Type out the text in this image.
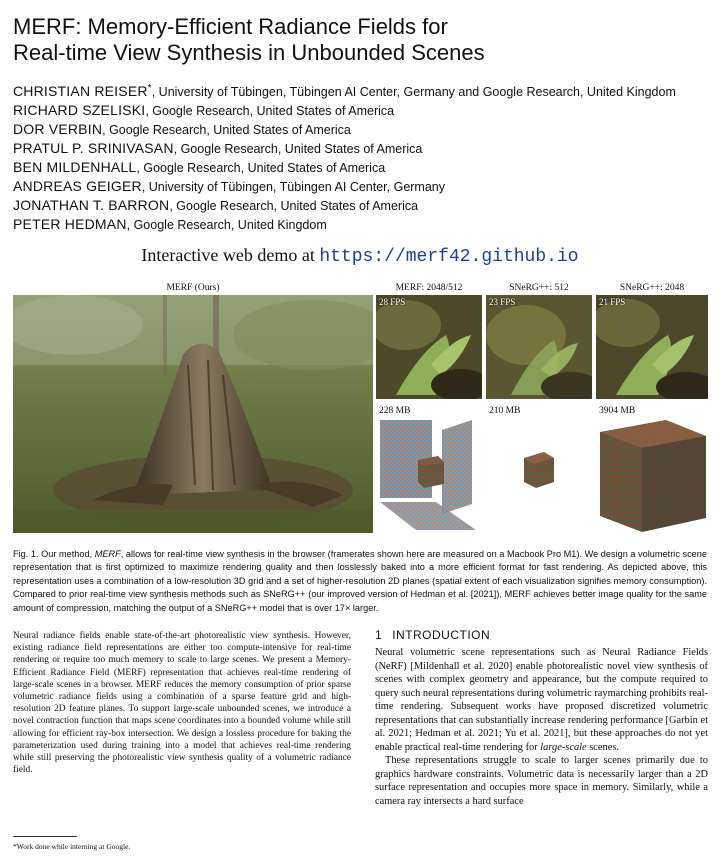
MERF: Memory-Efficient Radiance Fields for
Real-time View Synthesis in Unbounded Scenes
CHRISTIAN REISER*, University of Tübingen, Tübingen AI Center, Germany and Google Research, United Kingdom
RICHARD SZELISKI, Google Research, United States of America
DOR VERBIN, Google Research, United States of America
PRATUL P. SRINIVASAN, Google Research, United States of America
BEN MILDENHALL, Google Research, United States of America
ANDREAS GEIGER, University of Tübingen, Tübingen AI Center, Germany
JONATHAN T. BARRON, Google Research, United States of America
PETER HEDMAN, Google Research, United Kingdom
Interactive web demo at https://merf42.github.io
MERF (Ours)	MERF: 2048/512	SNeRG++: 512	SNeRG++: 2048
28 FPS	23 FPS	21 FPS
228 MB	210 MB	3904 MB
Fig. 1. Our method, MERF, allows for real-time view synthesis in the browser (framerates shown here are measured on a Macbook Pro M1). We design a volumetric scene representation that is first optimized to maximize rendering quality and then losslessly baked into a more efficient format for fast rendering. As depicted above, this representation uses a combination of a low-resolution 3D grid and a set of higher-resolution 2D planes (spatial extent of each visualization signifies memory consumption). Compared to prior real-time view synthesis methods such as SNeRG++ (our improved version of Hedman et al. [2021]), MERF achieves better image quality for the same amount of compression, matching the output of a SNeRG++ model that is over 17× larger.
Neural radiance fields enable state-of-the-art photorealistic view synthesis. However, existing radiance field representations are either too compute-intensive for real-time rendering or require too much memory to scale to large scenes. We present a Memory-Efficient Radiance Field (MERF) representation that achieves real-time rendering of large-scale scenes in a browser. MERF reduces the memory consumption of prior sparse volumetric radiance fields using a combination of a sparse feature grid and high-resolution 2D feature planes. To support large-scale unbounded scenes, we introduce a novel contraction function that maps scene coordinates into a bounded volume while still allowing for efficient ray-box intersection. We design a lossless procedure for baking the parameterization used during training into a model that achieves real-time rendering while still preserving the photorealistic view synthesis quality of a volumetric radiance field.
1 INTRODUCTION

Neural volumetric scene representations such as Neural Radiance Fields (NeRF) [Mildenhall et al. 2020] enable photorealistic novel view synthesis of scenes with complex geometry and appearance, but the compute required to query such neural representations during volumetric raymarching prohibits real-time rendering. Subsequent works have proposed discretized volumetric representations that can substantially increase rendering performance [Garbin et al. 2021; Hedman et al. 2021; Yu et al. 2021], but these approaches do not yet enable practical real-time rendering for large-scale scenes.

These representations struggle to scale to larger scenes primarily due to graphics hardware constraints. Volumetric data is necessarily larger than a 2D surface representation and occupies more space in memory. Similarly, while a camera ray intersects a hard surface

*Work done while interning at Google.
